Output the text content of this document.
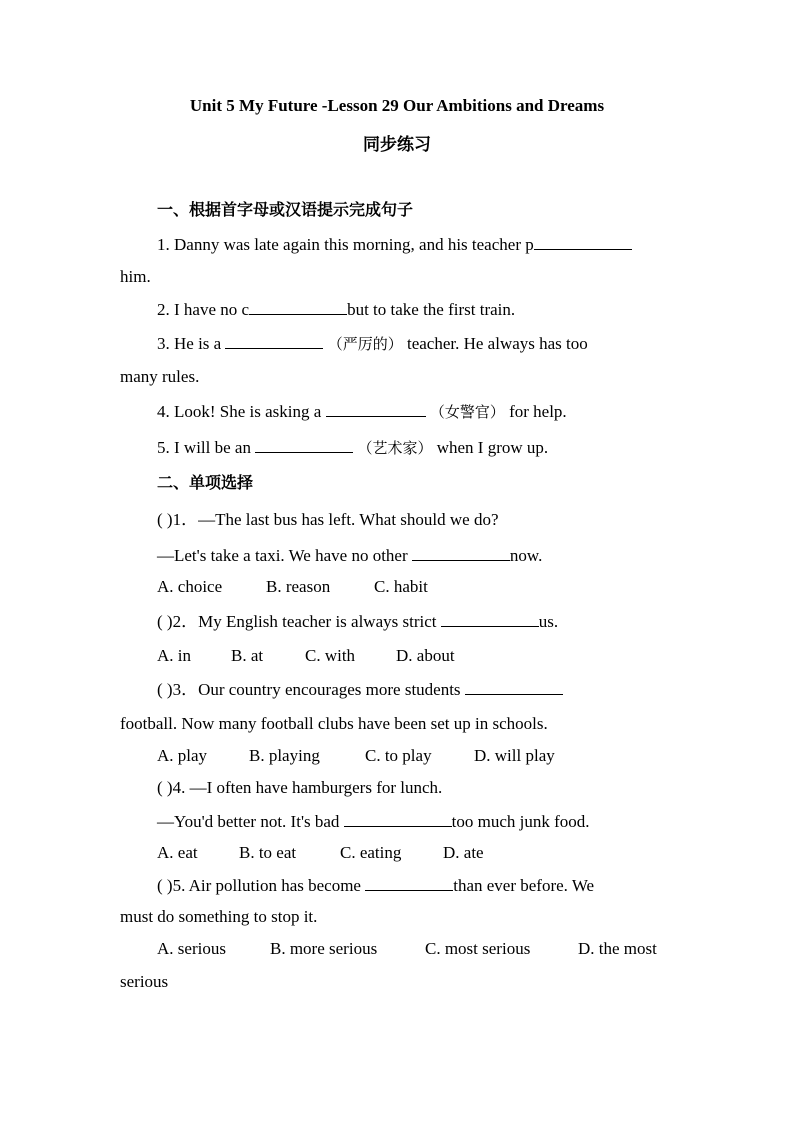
Unit 5 My Future -Lesson 29 Our Ambitions and Dreams
同步练习
一、根据首字母或汉语提示完成句子
1. Danny was late again this morning, and his teacher p
him.
2. I have no c	but to take the first train.
3. He is a	（严厉的） teacher. He always has too
many rules.
4. Look! She is asking a	（女警官） for help.
5. I will be an	（艺术家） when I grow up.
二、单项选择
( )1．—The last bus has left. What should we do?
—Let's take a taxi. We have no other	now.
A. choice	B. reason	C. habit
( )2．My English teacher is always strict	us.
A. in B. at C. with D. about
( )3．Our country encourages more students
football. Now many football clubs have been set up in schools.
A. play B. playing	C. to play D. will play
( )4. —I often have hamburgers for lunch.
—You'd better not. It's bad	too much junk food.
A. eat B. to eat	C. eating D. ate
( )5. Air pollution has become	than ever before. We
must do something to stop it.
A. serious	B. more serious	C. most serious	D. the most
serious
